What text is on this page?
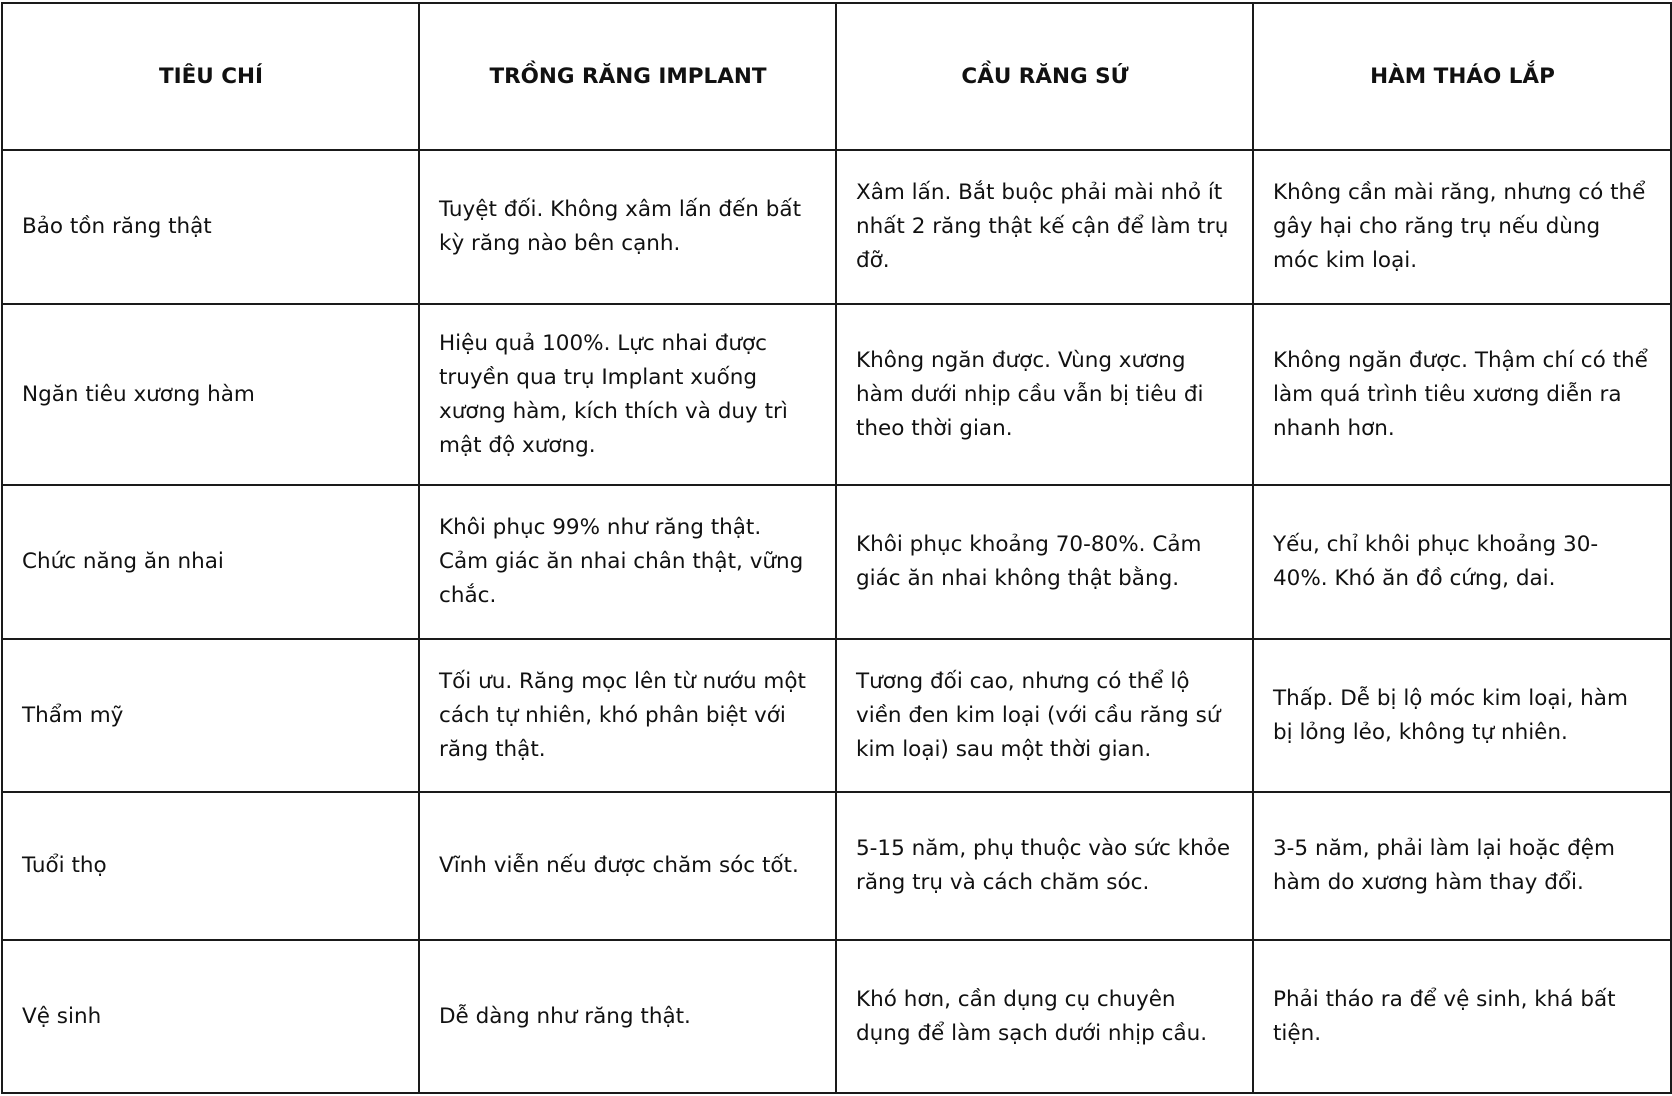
TIÊU CHÍ	TRỒNG RĂNG IMPLANT	CẦU RĂNG SỨ	HÀM THÁO LẮP
Bảo tồn răng thật	Tuyệt đối. Không xâm lấn đến bất kỳ răng nào bên cạnh.	Xâm lấn. Bắt buộc phải mài nhỏ ít nhất 2 răng thật kế cận để làm trụ đỡ.	Không cần mài răng, nhưng có thể gây hại cho răng trụ nếu dùng móc kim loại.
Ngăn tiêu xương hàm	Hiệu quả 100%. Lực nhai được truyền qua trụ Implant xuống xương hàm, kích thích và duy trì mật độ xương.	Không ngăn được. Vùng xương hàm dưới nhịp cầu vẫn bị tiêu đi theo thời gian.	Không ngăn được. Thậm chí có thể làm quá trình tiêu xương diễn ra nhanh hơn.
Chức năng ăn nhai	Khôi phục 99% như răng thật. Cảm giác ăn nhai chân thật, vững chắc.	Khôi phục khoảng 70-80%. Cảm giác ăn nhai không thật bằng.	Yếu, chỉ khôi phục khoảng 30-40%. Khó ăn đồ cứng, dai.
Thẩm mỹ	Tối ưu. Răng mọc lên từ nướu một cách tự nhiên, khó phân biệt với răng thật.	Tương đối cao, nhưng có thể lộ viền đen kim loại (với cầu răng sứ kim loại) sau một thời gian.	Thấp. Dễ bị lộ móc kim loại, hàm bị lỏng lẻo, không tự nhiên.
Tuổi thọ	Vĩnh viễn nếu được chăm sóc tốt.	5-15 năm, phụ thuộc vào sức khỏe răng trụ và cách chăm sóc.	3-5 năm, phải làm lại hoặc đệm hàm do xương hàm thay đổi.
Vệ sinh	Dễ dàng như răng thật.	Khó hơn, cần dụng cụ chuyên dụng để làm sạch dưới nhịp cầu.	Phải tháo ra để vệ sinh, khá bất tiện.
